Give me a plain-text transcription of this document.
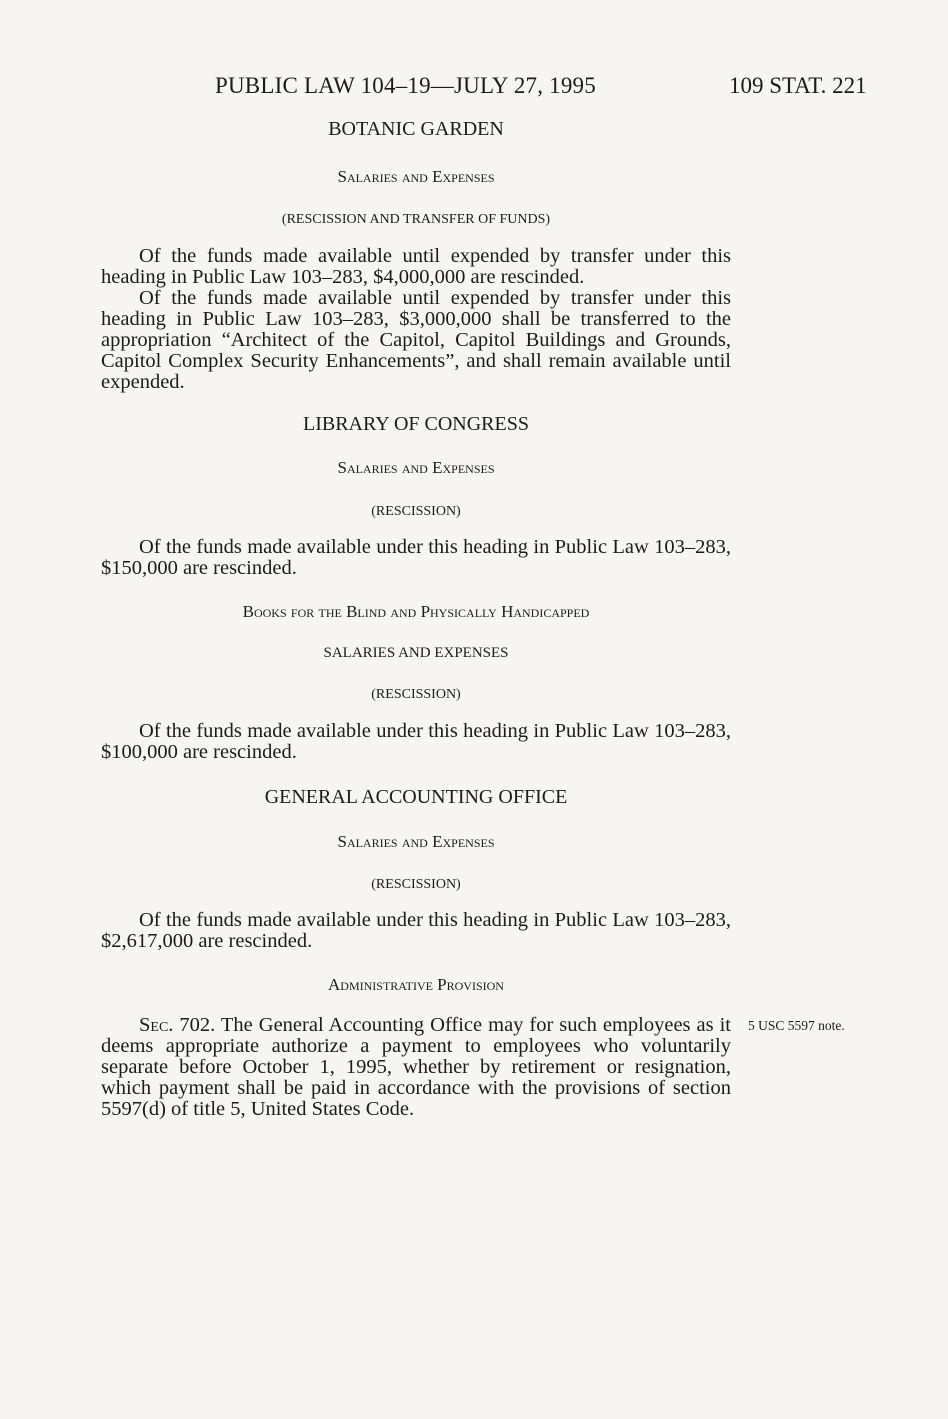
PUBLIC LAW 104–19—JULY 27, 1995	109 STAT. 221
BOTANIC GARDEN
Salaries and Expenses
(RESCISSION AND TRANSFER OF FUNDS)
Of the funds made available until expended by transfer under this heading in Public Law 103–283, $4,000,000 are rescinded.
Of the funds made available until expended by transfer under this heading in Public Law 103–283, $3,000,000 shall be transferred to the appropriation “Architect of the Capitol, Capitol Buildings and Grounds, Capitol Complex Security Enhancements”, and shall remain available until expended.
LIBRARY OF CONGRESS
Salaries and Expenses
(RESCISSION)
Of the funds made available under this heading in Public Law 103–283, $150,000 are rescinded.
Books for the Blind and Physically Handicapped
SALARIES AND EXPENSES
(RESCISSION)
Of the funds made available under this heading in Public Law 103–283, $100,000 are rescinded.
GENERAL ACCOUNTING OFFICE
Salaries and Expenses
(RESCISSION)
Of the funds made available under this heading in Public Law 103–283, $2,617,000 are rescinded.
Administrative Provision
Sec. 702. The General Accounting Office may for such employees as it deems appropriate authorize a payment to employees who voluntarily separate before October 1, 1995, whether by retirement or resignation, which payment shall be paid in accordance with the provisions of section 5597(d) of title 5, United States Code.
5 USC 5597 note.
